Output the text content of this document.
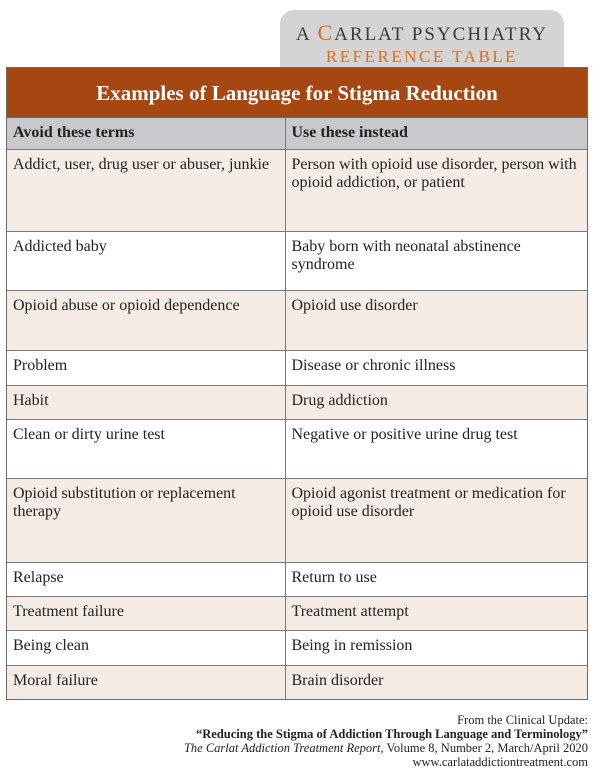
A CARLAT PSYCHIATRY
REFERENCE TABLE
Examples of Language for Stigma Reduction
Avoid these terms	Use these instead
Addict, user, drug user or abuser, junkie	Person with opioid use disorder, person with opioid addiction, or patient
Addicted baby	Baby born with neonatal abstinence syndrome
Opioid abuse or opioid dependence	Opioid use disorder
Problem	Disease or chronic illness
Habit	Drug addiction
Clean or dirty urine test	Negative or positive urine drug test
Opioid substitution or replacement therapy	Opioid agonist treatment or medication for opioid use disorder
Relapse	Return to use
Treatment failure	Treatment attempt
Being clean	Being in remission
Moral failure	Brain disorder
From the Clinical Update:
“Reducing the Stigma of Addiction Through Language and Terminology”
The Carlat Addiction Treatment Report, Volume 8, Number 2, March/April 2020
www.carlataddictiontreatment.com
